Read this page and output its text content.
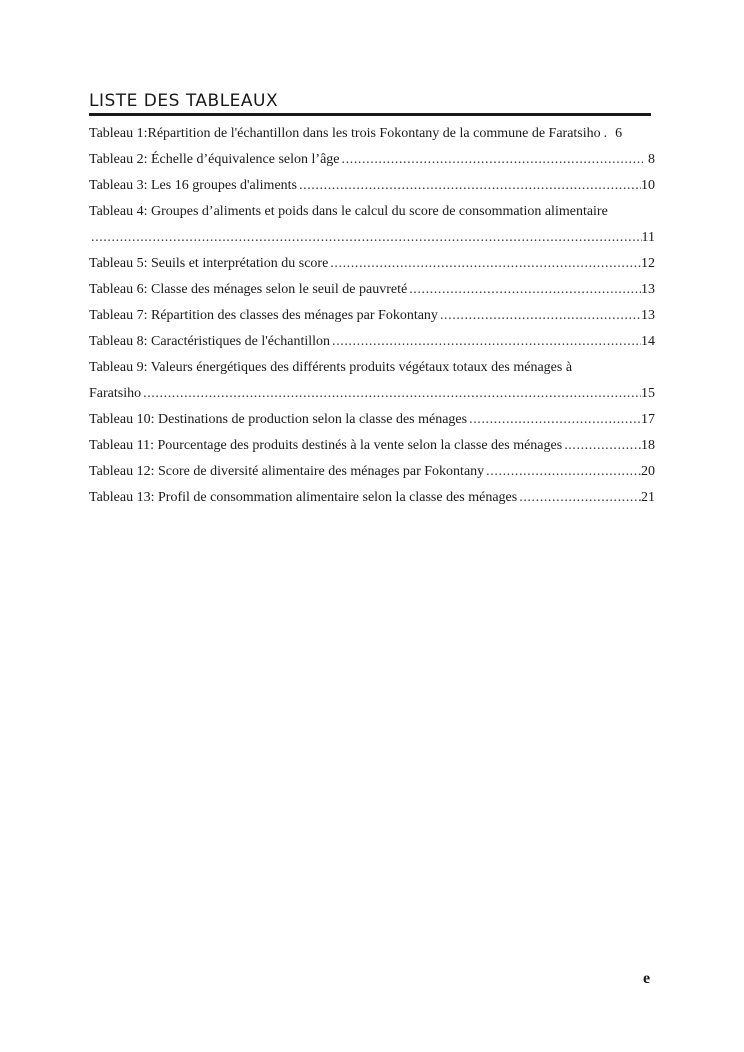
LISTE DES TABLEAUX
Tableau 1:Répartition de l'échantillon dans les trois Fokontany de la commune de Faratsiho . 6
Tableau 2: Échelle d’équivalence selon l’âge .....	8
Tableau 3: Les 16 groupes d'aliments .....	10
Tableau 4: Groupes d’aliments et poids dans le calcul du score de consommation alimentaire
.....
11
Tableau 5: Seuils et interprétation du score .....	12
Tableau 6: Classe des ménages selon le seuil de pauvreté .....	13
Tableau 7: Répartition des classes des ménages par Fokontany .....	13
Tableau 8: Caractéristiques de l'échantillon .....	14
Tableau 9: Valeurs énergétiques des différents produits végétaux totaux des ménages à
Faratsiho .....	15
Tableau 10: Destinations de production selon la classe des ménages .....	17
Tableau 11: Pourcentage des produits destinés à la vente selon la classe des ménages .....	18
Tableau 12: Score de diversité alimentaire des ménages par Fokontany .....	20
Tableau 13: Profil de consommation alimentaire selon la classe des ménages .....	21
e
